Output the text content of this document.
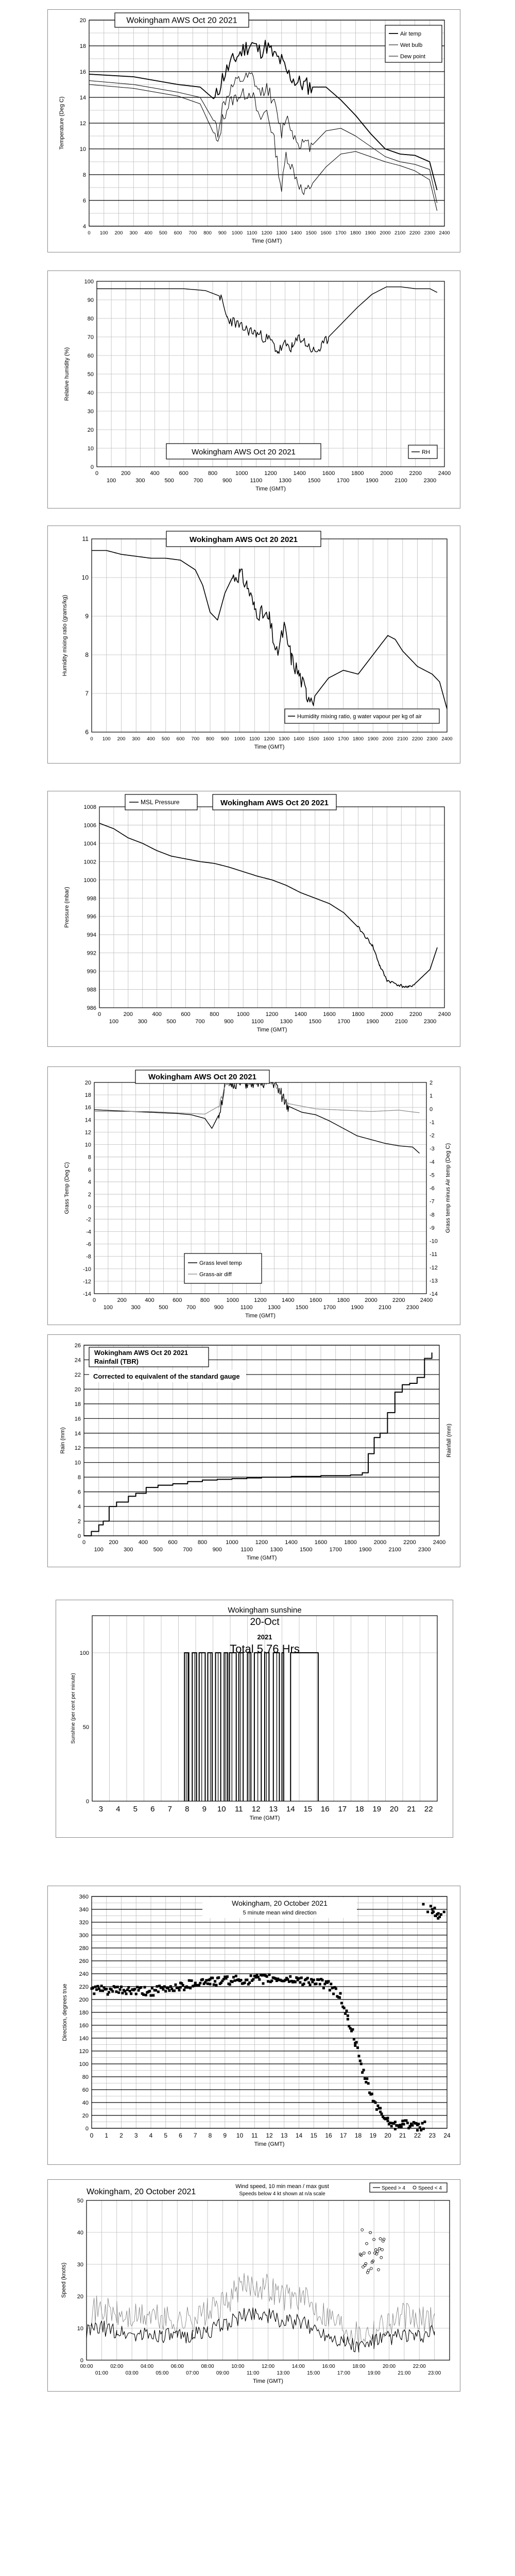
4
6
8
10
12
14
16
18
20
0 100 200 300 400 500 600 700 800 900 1000 1100 1200 1300 1400 1500 1600 1700 1800 1900 2000 2100 2200 2300 2400
Time (GMT)
Temperature (Deg C)
Wokingham AWS Oct 20 2021
Air temp
Wet bulb
Dew point
0
10
20
30
40
50
60
70
80
90
100
0	200	400	600	800	1000	1200	1400	1600	1800	2000	2200	2400
100	300	500	700	900	1100	1300	1500	1700	1900	2100	2300
Time (GMT)
Relative humidity (%)
Wokingham AWS Oct 20 2021	RH
6
7
8
9
10
11
0 100 200 300 400 500 600 700 800 900 1000 1100 1200 1300 1400 1500 1600 1700 1800 1900 2000 2100 2200 2300 2400
Time (GMT)
Humidity mixing ratio (grams/kg)
Wokingham AWS Oct 20 2021
Humidity mixing ratio, g water vapour per kg of air
986
988
990
992
994
996
998
1000
1002
1004
1006
1008
0	200	400	600	800	1000	1200	1400	1600	1800	2000	2200	2400
100	300	500	700	900	1100	1300	1500	1700	1900	2100	2300
Time (GMT)
Pressure (mbar)
MSL Pressure	Wokingham AWS Oct 20 2021
20
18
16
14
12
10
8
6
4
2
0
-2
-4
-6
-8
-10
-12
-14
2
1
0
-1
-2
-3
-4
-5
-6
-7
-8
-9
-10
-11
-12
-13
-14
0	200	400	600	800	1000	1200	1400	1600	1800	2000	2200	2400
100	300	500	700	900	1100	1300	1500	1700	1900	2100	2300
Time (GMT)
Grass Temp (Deg C)	Grass temp minus Air temp (Deg C)
Wokingham AWS Oct 20 2021
Grass level temp
Grass-air diff
0
2
4
6
8
10
12
14
16
18
20
22
24
26
0	200	400	600	800	1000	1200	1400	1600	1800	2000	2200	2400
100	300	500	700	900	1100	1300	1500	1700	1900	2100	2300
Time (GMT)
Rain (mm)	Rainfall (mm)
Wokingham AWS Oct 20 2021
Rainfall (TBR)
Corrected to equivalent of the standard gauge
3 4 5 6 7 8 9 10 11 12 13 14 15 16 17 18 19 20 21 22
0
50
100
Time (GMT)
Sunshine (per cent per minute)
Wokingham sunshine
20-Oct
2021
Total 5.76 Hrs
0
20
40
60
80
100
120
140
160
180
200
220
240
260
280
300
320
340
360
0 1 2 3 4 5 6 7 8 9 10 11 12 13 14 15 16 17 18 19 20 21 22 23 24
Time (GMT)
Direction, degrees true
Wokingham, 20 October 2021
5 minute mean wind direction
0
10
20
30
40
50
00:00	02:00	04:00	06:00	08:00	10:00	12:00	14:00	16:00	18:00	20:00	22:00
01:00	03:00	05:00	07:00	09:00	11:00	13:00	15:00	17:00	19:00	21:00	23:00
Time (GMT)
Speed (knots)
Wokingham, 20 October 2021
Wind speed, 10 min mean / max gust
Speeds below 4 kt shown at n/a scale
Speed > 4	Speed < 4
